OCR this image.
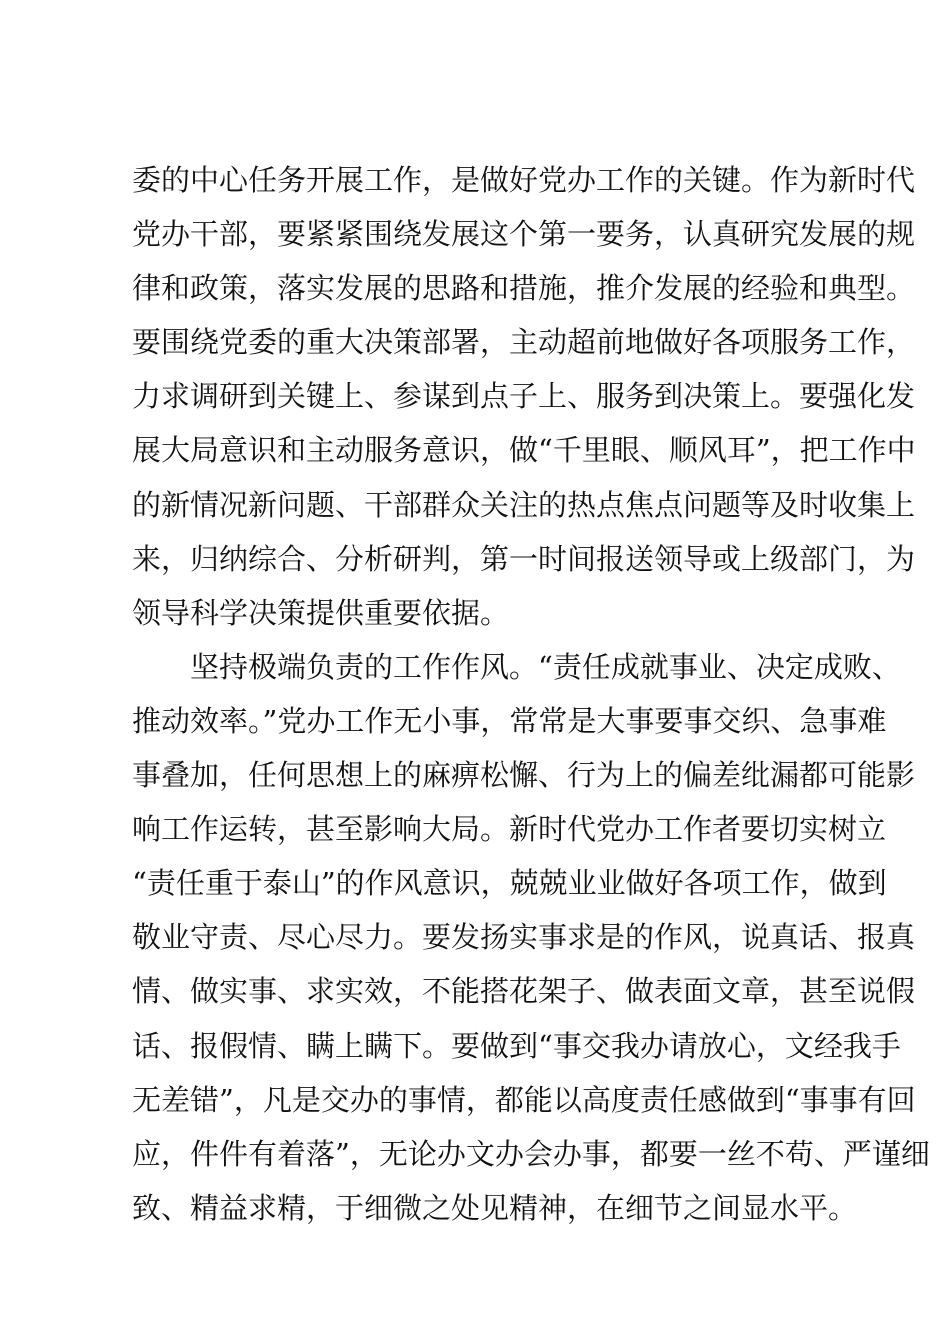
委的中心任务开展工作，是做好党办工作的关键。作为新时代
党办干部，要紧紧围绕发展这个第一要务，认真研究发展的规
律和政策，落实发展的思路和措施，推介发展的经验和典型。
要围绕党委的重大决策部署，主动超前地做好各项服务工作，
力求调研到关键上、参谋到点子上、服务到决策上。要强化发
展大局意识和主动服务意识，做“千里眼、顺风耳”，把工作中
的新情况新问题、干部群众关注的热点焦点问题等及时收集上
来，归纳综合、分析研判，第一时间报送领导或上级部门，为
领导科学决策提供重要依据。
　　坚持极端负责的工作作风。“责任成就事业、决定成败、
推动效率。”党办工作无小事，常常是大事要事交织、急事难
事叠加，任何思想上的麻痹松懈、行为上的偏差纰漏都可能影
响工作运转，甚至影响大局。新时代党办工作者要切实树立
“责任重于泰山”的作风意识，兢兢业业做好各项工作，做到
敬业守责、尽心尽力。要发扬实事求是的作风，说真话、报真
情、做实事、求实效，不能搭花架子、做表面文章，甚至说假
话、报假情、瞒上瞒下。要做到“事交我办请放心，文经我手
无差错”，凡是交办的事情，都能以高度责任感做到“事事有回
应，件件有着落”，无论办文办会办事，都要一丝不苟、严谨细
致、精益求精，于细微之处见精神，在细节之间显水平。
